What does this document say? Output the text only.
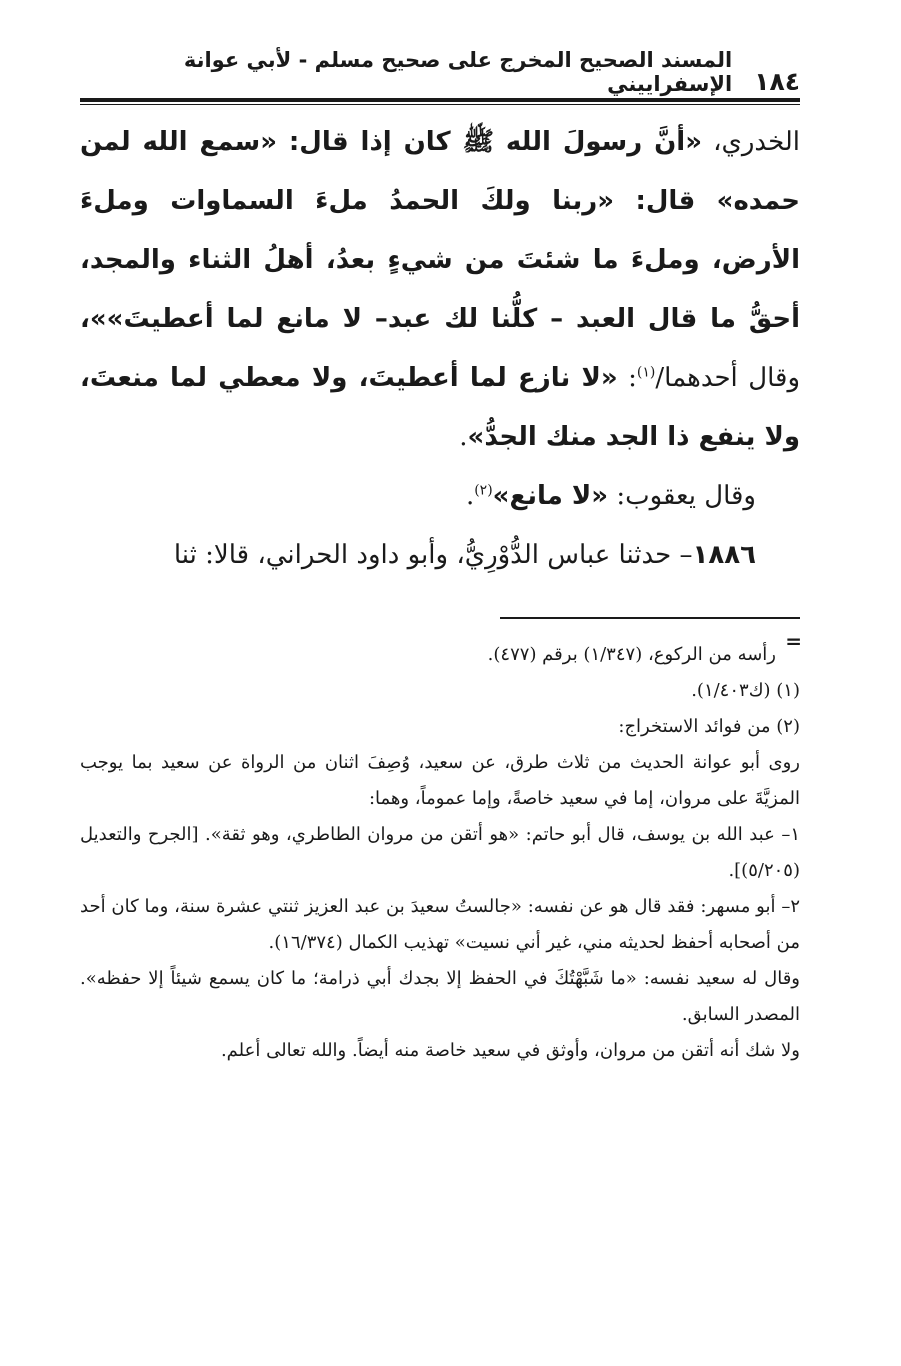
١٨٤
المسند الصحيح المخرج على صحيح مسلم - لأبي عوانة الإسفراييني

الخدري، «أنَّ رسولَ الله ﷺ كان إذا قال: «سمع الله لمن حمده» قال: «ربنا ولكَ الحمدُ ملءَ السماوات وملءَ الأرض، وملءَ ما شئتَ من شيءٍ بعدُ، أهلُ الثناء والمجد، أحقُّ ما قال العبد – كلُّنا لك عبد– لا مانع لما أعطيتَ»»، وقال أحدهما/$^{(١)}$: «لا نازع لما أعطيتَ، ولا معطي لما منعتَ، ولا ينفع ذا الجد منك الجدُّ».

وقال يعقوب: «لا مانع»$^{(٢)}$.

١٨٨٦– حدثنا عباس الدُّوْرِيُّ، وأبو داود الحراني، قالا: ثنا

=

رأسه من الركوع، (١/٣٤٧) برقم (٤٧٧).

(١) (ك١/٤٠٣).

(٢) من فوائد الاستخراج:

روى أبو عوانة الحديث من ثلاث طرق، عن سعيد، وُصِفَ اثنان من الرواة عن سعيد بما يوجب المزيَّةَ على مروان، إما في سعيد خاصةً، وإما عموماً، وهما:

١– عبد الله بن يوسف، قال أبو حاتم: «هو أتقن من مروان الطاطري، وهو ثقة». [الجرح والتعديل (٥/٢٠٥)].

٢– أبو مسهر: فقد قال هو عن نفسه: «جالستُ سعيدَ بن عبد العزيز ثنتي عشرة سنة، وما كان أحد من أصحابه أحفظ لحديثه مني، غير أني نسيت» تهذيب الكمال (١٦/٣٧٤).

وقال له سعيد نفسه: «ما شَبَّهْتُكَ في الحفظ إلا بجدك أبي ذرامة؛ ما كان يسمع شيئاً إلا حفظه». المصدر السابق.

ولا شك أنه أتقن من مروان، وأوثق في سعيد خاصة منه أيضاً. والله تعالى أعلم.
